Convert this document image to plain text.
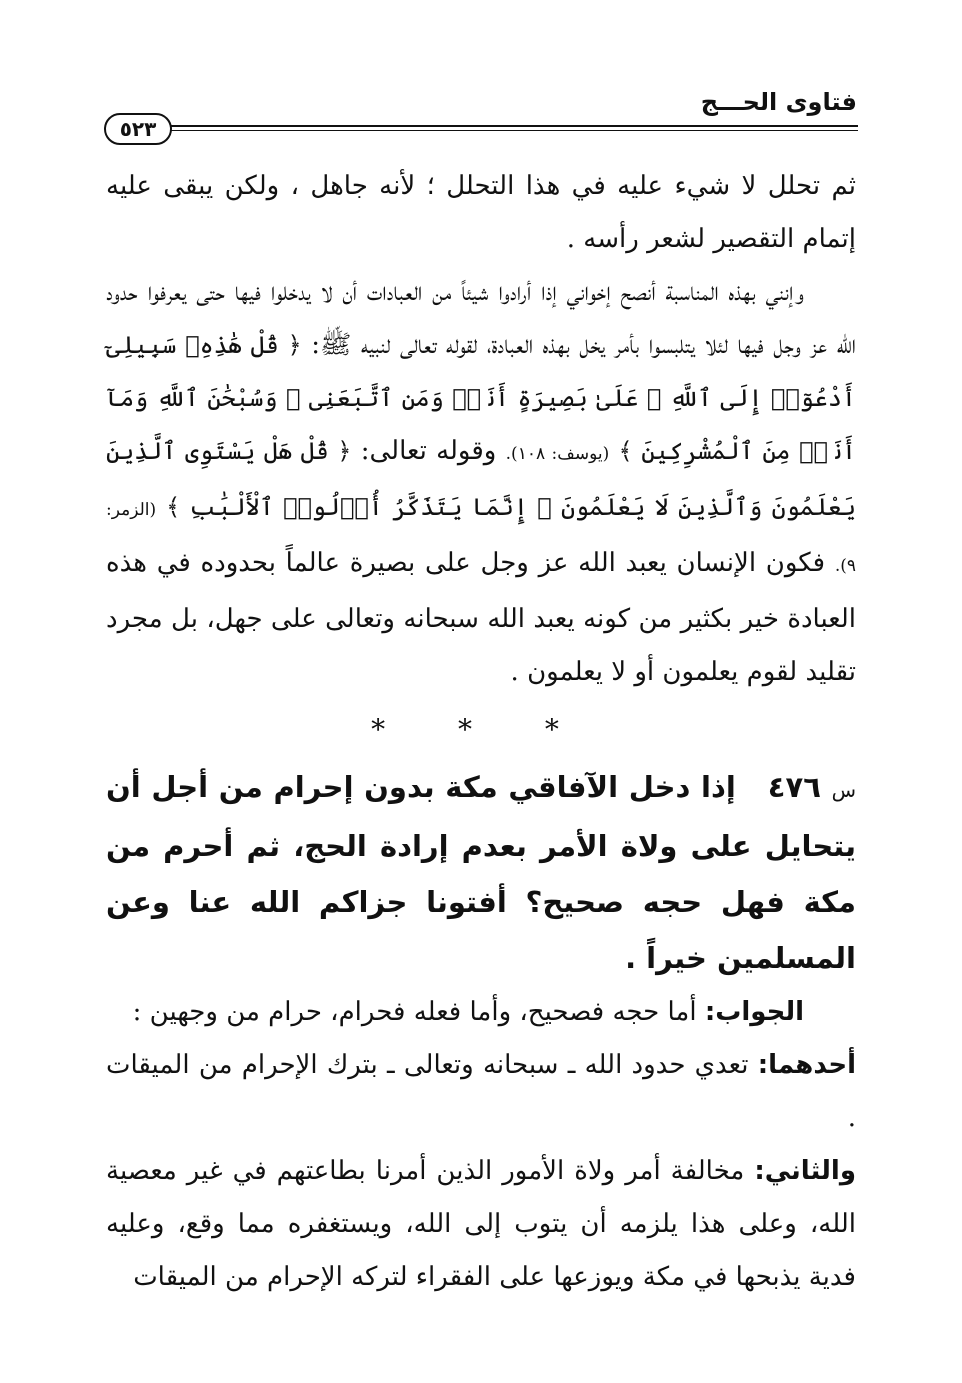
فتاوى الحـــج
٥٢٣

ثم تحلل لا شيء عليه في هذا التحلل ؛ لأنه جاهل ، ولكن يبقى عليه إتمام التقصير لشعر رأسه .

وإنني بهذه المناسبة أنصح إخواني إذا أرادوا شيئاً من العبادات أن لا يدخلوا فيها حتى يعرفوا حدود الله عز وجل فيها لئلا يتلبسوا بأمر يخل بهذه العبادة، لقوله تعالى لنبيه ﷺ: ﴿ قُلْ هَٰذِهِۦ سَبِيلِىٓ أَدْعُوٓا۟ إِلَى ٱللَّهِ ۚ عَلَىٰ بَصِيرَةٍ أَنَا۠ وَمَنِ ٱتَّبَعَنِى ۖ وَسُبْحَٰنَ ٱللَّهِ وَمَآ أَنَا۠ مِنَ ٱلْمُشْرِكِينَ ﴾ (يوسف: ١٠٨). وقوله تعالى: ﴿ قُلْ هَلْ يَسْتَوِى ٱلَّذِينَ يَعْلَمُونَ وَٱلَّذِينَ لَا يَعْلَمُونَ ۗ إِنَّمَا يَتَذَكَّرُ أُو۟لُوا۟ ٱلْأَلْبَٰبِ ﴾ (الزمر: ٩). فكون الإنسان يعبد الله عز وجل على بصيرة عالماً بحدوده في هذه العبادة خير بكثير من كونه يعبد الله سبحانه وتعالى على جهل، بل مجرد تقليد لقوم يعلمون أو لا يعلمون .

* * *

س ٤٧٦   إذا دخل الآفاقي مكة بدون إحرام من أجل أن يتحايل على ولاة الأمر بعدم إرادة الحج، ثم أحرم من مكة فهل حجه صحيح؟ أفتونا جزاكم الله عنا وعن المسلمين خيراً .

الجواب: أما حجه فصحيح، وأما فعله فحرام، حرام من وجهين :

أحدهما: تعدي حدود الله ـ سبحانه وتعالى ـ بترك الإحرام من الميقات .

والثاني: مخالفة أمر ولاة الأمور الذين أمرنا بطاعتهم في غير معصية الله، وعلى هذا يلزمه أن يتوب إلى الله، ويستغفره مما وقع، وعليه فدية يذبحها في مكة ويوزعها على الفقراء لتركه الإحرام من الميقات
